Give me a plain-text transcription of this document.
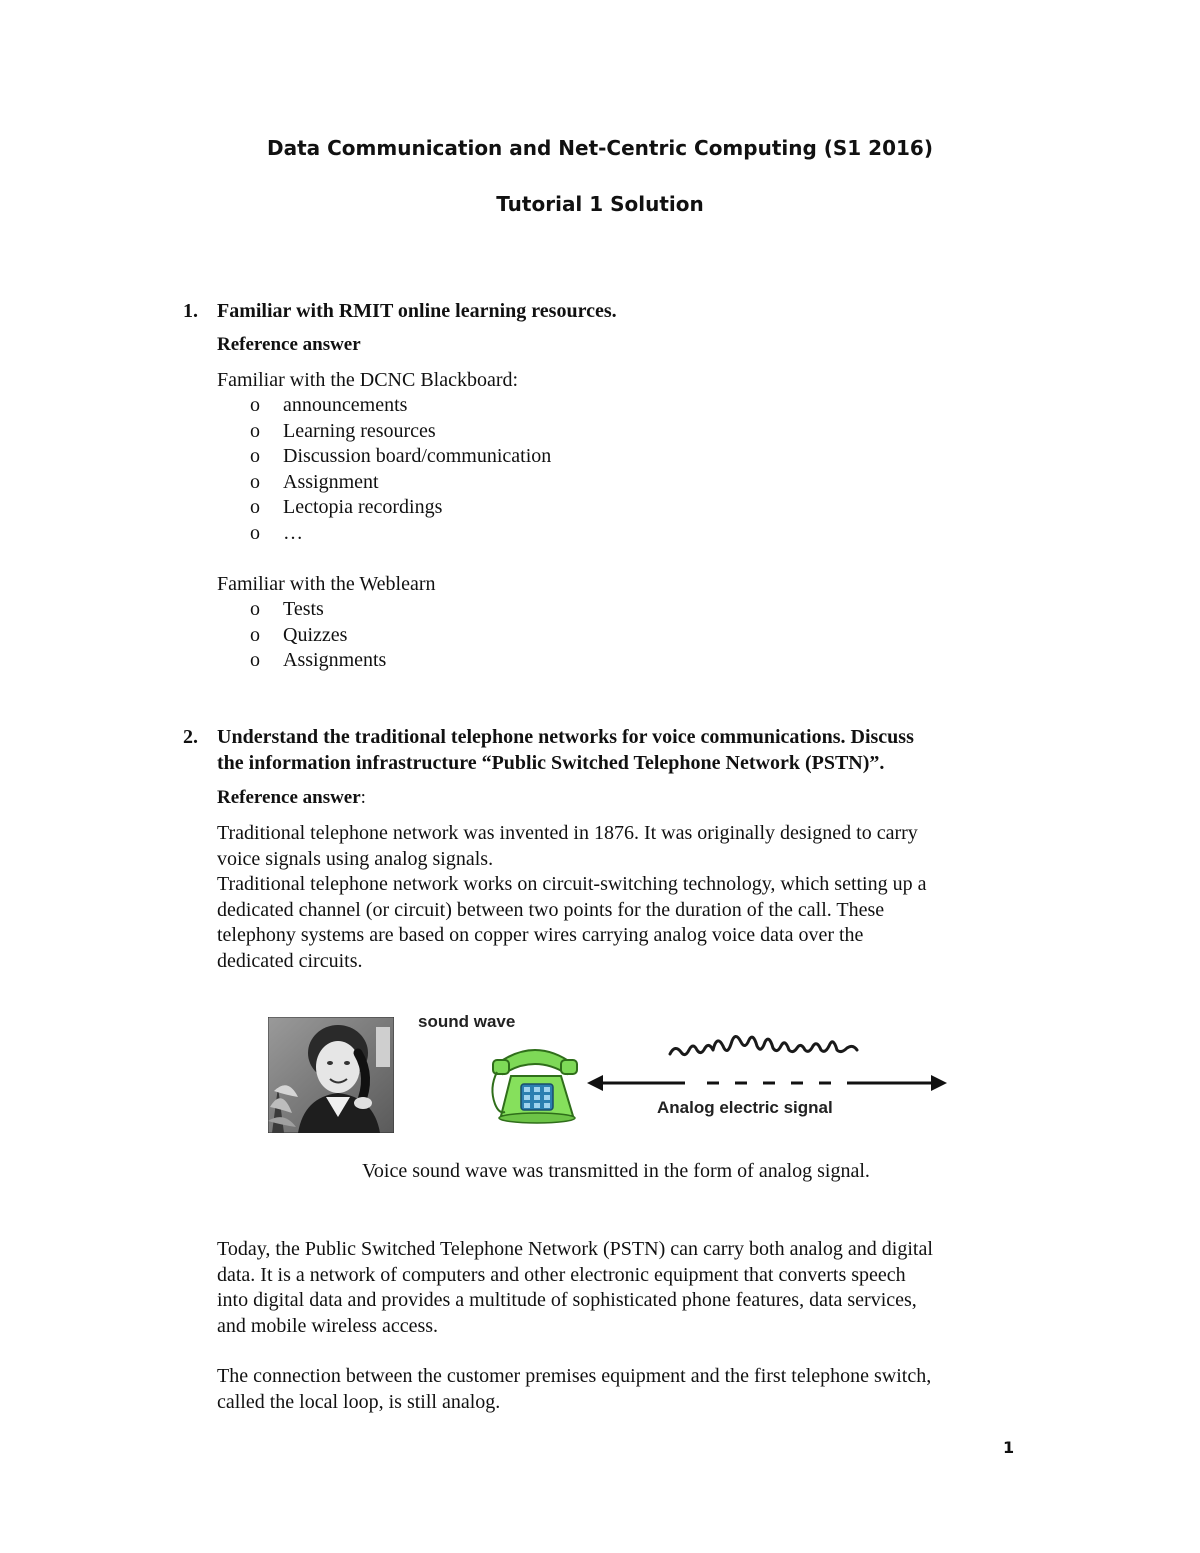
Data Communication and Net-Centric Computing (S1 2016)
Tutorial 1 Solution
1. Familiar with RMIT online learning resources.
Reference answer
Familiar with the DCNC Blackboard:
o announcements
o Learning resources
o Discussion board/communication
o Assignment
o Lectopia recordings
o …
Familiar with the Weblearn
o Tests
o Quizzes
o Assignments
2. Understand the traditional telephone networks for voice communications. Discuss
the information infrastructure “Public Switched Telephone Network (PSTN)”.
Reference answer:

Traditional telephone network was invented in 1876. It was originally designed to carry

voice signals using analog signals.

Traditional telephone network works on circuit-switching technology, which setting up a

dedicated channel (or circuit) between two points for the duration of the call. These

telephony systems are based on copper wires carrying analog voice data over the

dedicated circuits.

sound wave
Analog electric signal
Voice sound wave was transmitted in the form of analog signal.

Today, the Public Switched Telephone Network (PSTN) can carry both analog and digital

data. It is a network of computers and other electronic equipment that converts speech

into digital data and provides a multitude of sophisticated phone features, data services,

and mobile wireless access.

The connection between the customer premises equipment and the first telephone switch,

called the local loop, is still analog.

1
